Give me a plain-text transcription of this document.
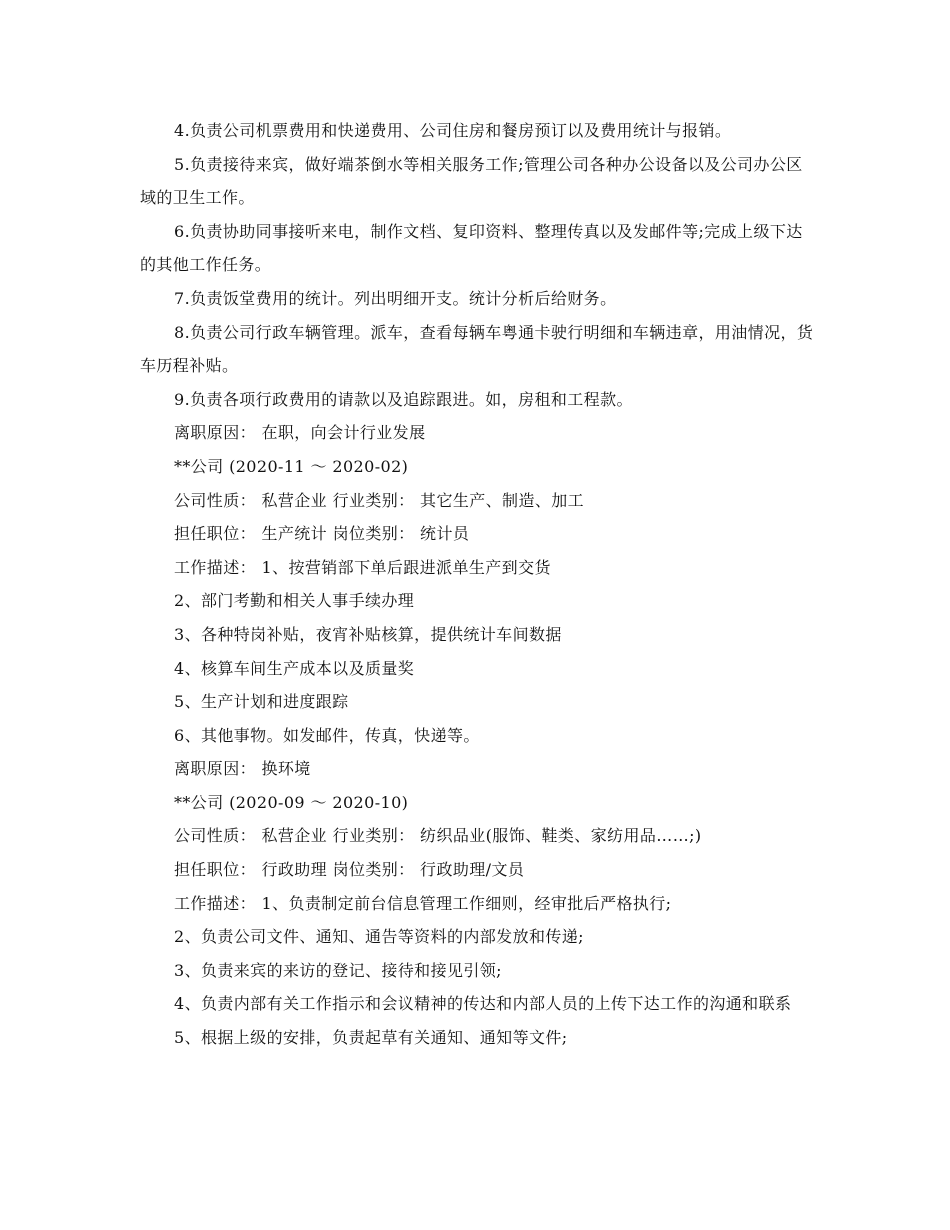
4.负责公司机票费用和快递费用、公司住房和餐房预订以及费用统计与报销。

5.负责接待来宾，做好端茶倒水等相关服务工作;管理公司各种办公设备以及公司办公区域的卫生工作。

6.负责协助同事接听来电，制作文档、复印资料、整理传真以及发邮件等;完成上级下达的其他工作任务。

7.负责饭堂费用的统计。列出明细开支。统计分析后给财务。

8.负责公司行政车辆管理。派车，查看每辆车粤通卡驶行明细和车辆违章，用油情况，货车历程补贴。

9.负责各项行政费用的请款以及追踪跟进。如，房租和工程款。

离职原因： 在职，向会计行业发展

**公司 (2020-11 ～ 2020-02)

公司性质： 私营企业 行业类别： 其它生产、制造、加工

担任职位： 生产统计 岗位类别： 统计员

工作描述： 1、按营销部下单后跟进派单生产到交货

2、部门考勤和相关人事手续办理

3、各种特岗补贴，夜宵补贴核算，提供统计车间数据

4、核算车间生产成本以及质量奖

5、生产计划和进度跟踪

6、其他事物。如发邮件，传真，快递等。

离职原因： 换环境

**公司 (2020-09 ～ 2020-10)

公司性质： 私营企业 行业类别： 纺织品业(服饰、鞋类、家纺用品……;)

担任职位： 行政助理 岗位类别： 行政助理/文员

工作描述： 1、负责制定前台信息管理工作细则，经审批后严格执行;

2、负责公司文件、通知、通告等资料的内部发放和传递;

3、负责来宾的来访的登记、接待和接见引领;

4、负责内部有关工作指示和会议精神的传达和内部人员的上传下达工作的沟通和联系

5、根据上级的安排，负责起草有关通知、通知等文件;
